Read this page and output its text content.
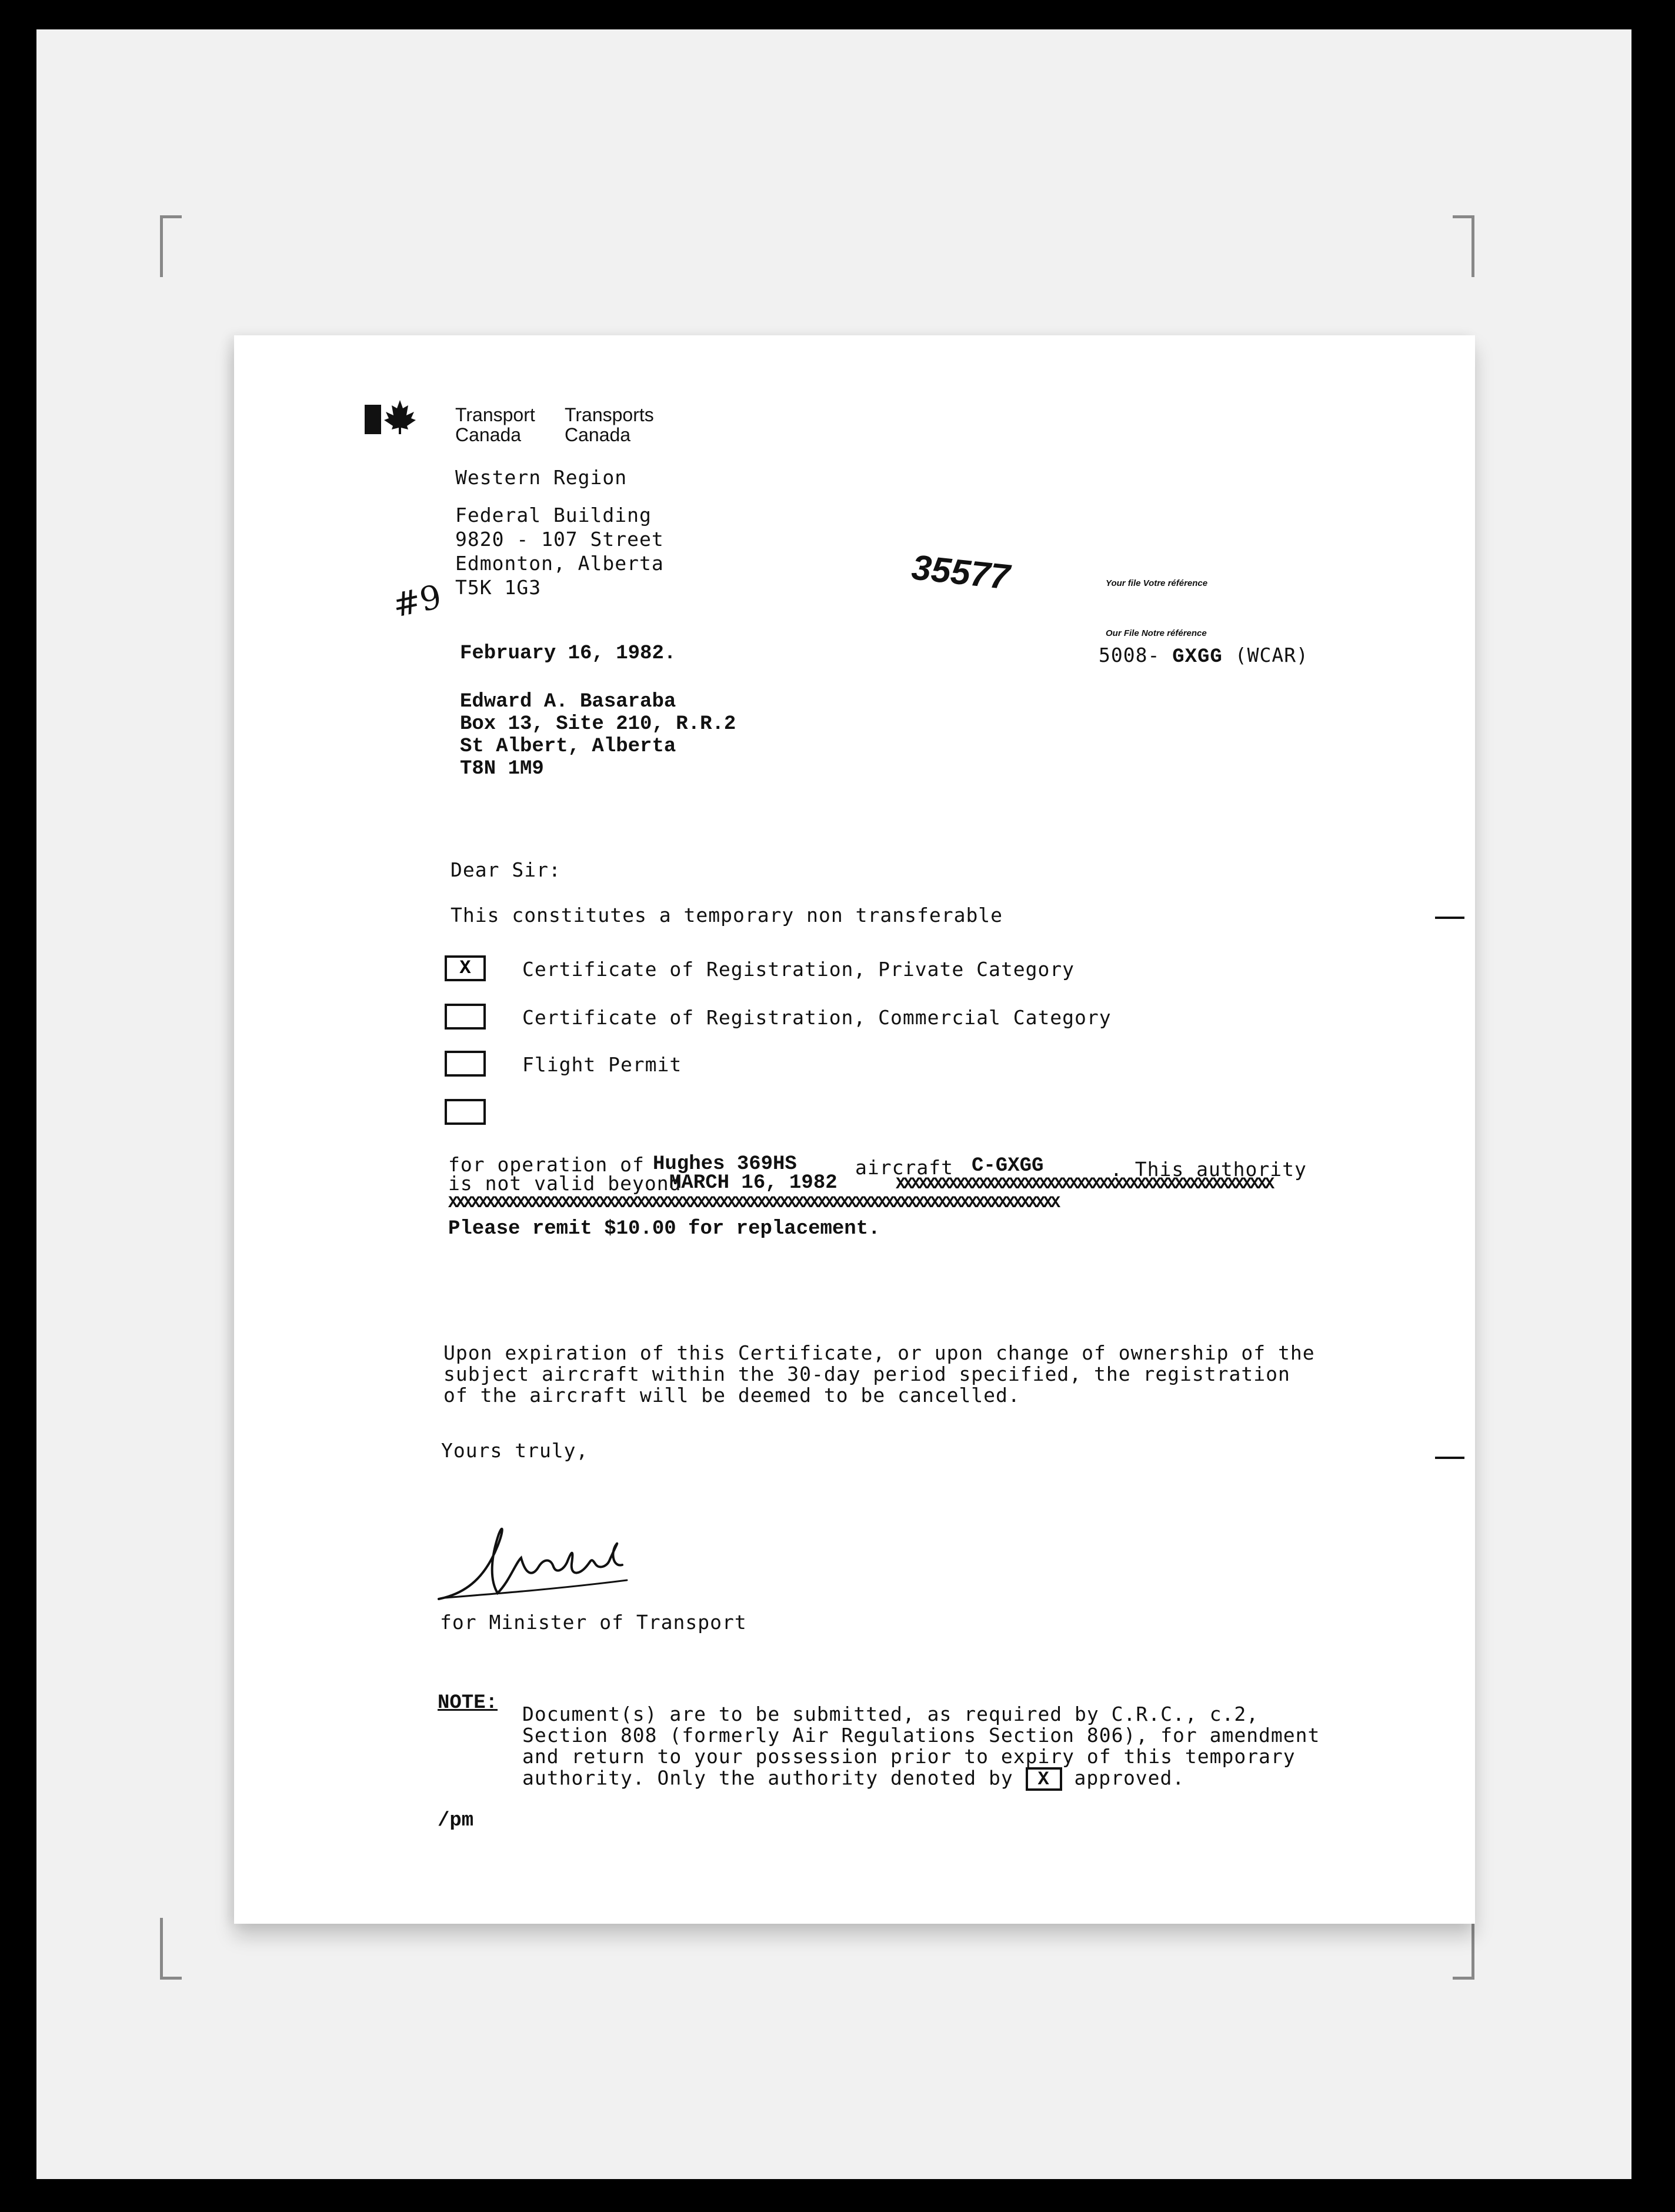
Transport
Canada
Transports
Canada
Western Region
Federal Building
9820 - 107 Street
Edmonton, Alberta
T5K 1G3
#9
35577	Your file Votre référence
Our File Notre référence
5008- GXGG (WCAR)
February 16, 1982.
Edward A. Basaraba
Box 13, Site 210, R.R.2
St Albert, Alberta
T8N 1M9
Dear Sir:
This constitutes a temporary non transferable
X	Certificate of Registration, Private Category
Certificate of Registration, Commercial Category
Flight Permit
for operation of Hughes 369HS	aircraft C-GXGG	. This authority
is not valid beyond
MARCH 16, 1982	XXXXXXXXXXXXXXXXXXXXXXXXXXXXXXXXXXXXXXXXXXXXXXXXXX
XXXXXXXXXXXXXXXXXXXXXXXXXXXXXXXXXXXXXXXXXXXXXXXXXXXXXXXXXXXXXXXXXXXXXXXXXXXXXXXXX
Please remit $10.00 for replacement.
Upon expiration of this Certificate, or upon change of ownership of the
subject aircraft within the 30-day period specified, the registration
of the aircraft will be deemed to be cancelled.
Yours truly,
for Minister of Transport
NOTE: Document(s) are to be submitted, as required by C.R.C., c.2,
Section 808 (formerly Air Regulations Section 806), for amendment
and return to your possession prior to expiry of this temporary
authority. Only the authority denoted by X approved.
/pm
